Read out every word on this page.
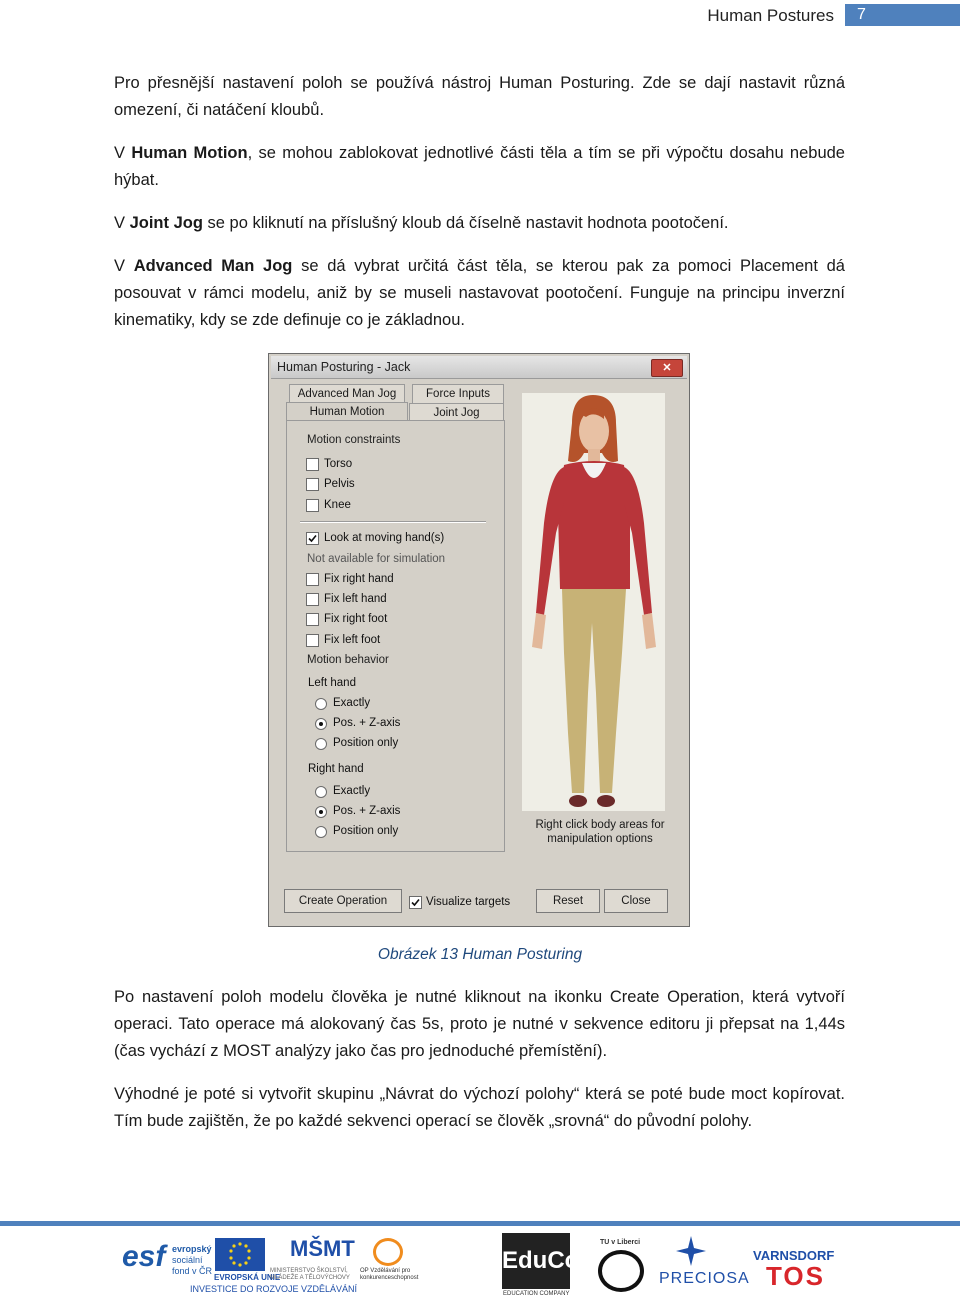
Human Postures	7

Pro přesnější nastavení poloh se používá nástroj Human Posturing. Zde se dají nastavit různá omezení, či natáčení kloubů.

V Human Motion, se mohou zablokovat jednotlivé části těla a tím se při výpočtu dosahu nebude hýbat.

V Joint Jog se po kliknutí na příslušný kloub dá číselně nastavit hodnota pootočení.

V Advanced Man Jog se dá vybrat určitá část těla, se kterou pak za pomoci Placement dá posouvat v rámci modelu, aniž by se museli nastavovat pootočení. Funguje na principu inverzní kinematiky, kdy se zde definuje co je základnou.

Human Posturing - Jack	✕
Advanced Man Jog	Force Inputs
Human Motion	Joint Jog
Motion constraints
Torso
Pelvis
Knee
Look at moving hand(s)
Not available for simulation
Fix right hand
Fix left hand
Fix right foot
Fix left foot
Motion behavior
Left hand
Exactly
Pos. + Z-axis
Position only
Right hand
Exactly
Pos. + Z-axis
Position only	Right click body areas for manipulation options
Create Operation	Visualize targets	Reset	Close
Obrázek 13 Human Posturing

Po nastavení poloh modelu člověka je nutné kliknout na ikonku Create Operation, která vytvoří operaci. Tato operace má alokovaný čas 5s, proto je nutné v sekvence editoru ji přepsat na 1,44s (čas vychází z MOST analýzy jako čas pro jednoduché přemístění).

Výhodné je poté si vytvořit skupinu „Návrat do výchozí polohy“ která se poté bude moct kopírovat. Tím bude zajištěn, že po každé sekvenci operací se člověk „srovná“ do původní polohy.

esf evropský
sociální
fond v ČR
EVROPSKÁ UNIE
MŠMT
MINISTERSTVO ŠKOLSTVÍ, MLÁDEŽE A TĚLOVÝCHOVY
OP Vzdělávání pro konkurenceschopnost
INVESTICE DO ROZVOJE VZDĚLÁVÁNÍ
EduCom
EDUCATION COMPANY
TU v Liberci
PRECIOSA
VARNSDORF
TOS
